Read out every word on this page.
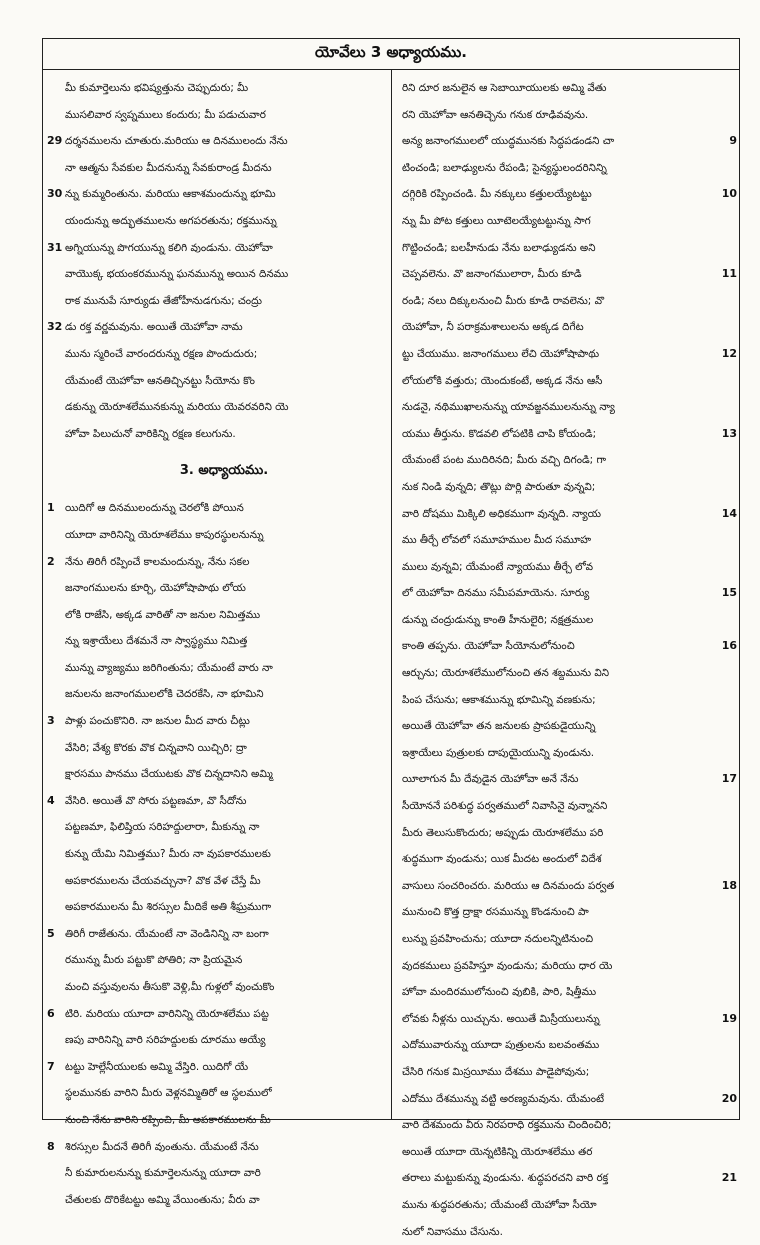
యోవేలు 3 అధ్యాయము.
మీ కుమార్తెలును భవిష్యత్తును చెప్పుదురు; మీ
ముసలివార స్వప్నములు కందురు; మీ పడుచువార
29 దర్శనములను చూతురు.మరియు ఆ దినములందు నేను
నా ఆత్మను సేవకుల మీదనున్ను సేవకురాండ్ర మీదను
30 న్ను కుమ్మరింతును. మరియు ఆకాశమందున్ను భూమి
యందున్ను అద్భుతములను అగపరతును; రక్తమున్ను
31 అగ్నియున్ను పొగయున్ను కలిగి వుండును. యెహోవా
వాయొక్క భయంకరమున్ను ఘనమున్ను అయిన దినము
రాక మునుపే సూర్యుడు తేజోహీనుడగును; చంద్రు
32 డు రక్త వర్ణమవును. అయితే యెహోవా నామ
మును స్మరించే వారందరున్ను రక్షణ పొందుదురు;
యేమంటే యెహోవా ఆనతిచ్చినట్టు సీయోను కొం
డకున్ను యెరూశలేమునకున్ను మరియు యెవరవరిని యె
హోవా పిలుచునో వారికిన్ని రక్షణ కలుగును.
3. అధ్యాయము.
1 యిదిగో ఆ దినములందున్ను చెరలోకి పోయిన
యూదా వారినిన్ని యెరూశలేము కాపురస్థులనున్ను
2 నేను తిరిగీ రప్పించే కాలమందున్ను, నేను సకల
జనాంగములను కూర్చి, యెహోషాపాథు లోయ
లోకి రాజేసి, అక్కడ వారితో నా జనుల నిమిత్తము
న్ను ఇశ్రాయేలు దేశమనే నా స్వాస్థ్యము నిమిత్త
మున్ను వ్యాజ్యము జరిగింతును; యేమంటే వారు నా
జనులను జనాంగములలోకి చెదరకేసి, నా భూమిని
3 పాళ్లు పంచుకొనిరి. నా జనుల మీద వారు చీట్లు
వేసిరి; వేశ్య కొరకు వొక చిన్నవాని యిచ్చిరి; ద్రా
క్షారసము పానము చేయుటకు వొక చిన్నదానిని అమ్మి
4 వేసిరి. అయితే వొ సోరు పట్టణమా, వొ సీదోను
పట్టణమా, ఫిలిష్తియ సరిహద్దులారా, మీకున్ను నా
కున్ను యేమి నిమిత్తము? మీరు నా వుపకారములకు
అపకారములను చేయవచ్చునా? వొక వేళ చేస్తే మీ
అపకారములను మీ శిరస్సుల మీదికే అతి శీఘ్రముగా
5 తిరిగీ రాజేతును. యేమంటే నా వెండినిన్ని నా బంగా
రమున్ను మీరు పట్టుకొ పోతిరి; నా ప్రియమైన
మంచి వస్తువులను తీసుకొ వెళ్లి,మీ గుళ్లలో వుంచుకొం
6 టిరి. మరియు యూదా వారినిన్ని యెరూశలేము పట్ట
ణపు వారినిన్ని వారి సరిహద్దులకు దూరము అయ్యే
7 టట్టు హెల్లేనీయులకు అమ్మి వేస్తిరి. యిదిగో యే
స్థలమునకు వారిని మీరు వెళ్లనమ్మితిరో ఆ స్థలములో
నుంచి నేను వారిని రప్పించి, మీ అపకారములను మీ
8 శిరస్సుల మీదనే తిరిగీ వుంతును. యేమంటే నేను
నీ కుమారులనున్ను కుమార్తెలనున్ను యూదా వారి
చేతులకు దొరికేటట్టు అమ్మి వేయింతును; వీరు వా
రిని దూర జనులైన ఆ సెబాయీయులకు అమ్మి వేతు
రని యెహోవా ఆనతిచ్చెను గనుక రూఢివవును.
9
అన్య జనాంగములలో యుద్ధమునకు సిద్ధపడండని చా
టించండి; బలాఢ్యులను రేపండి; సైన్యస్థులందరినిన్ని
10
దగ్గిరికి రప్పించండి. మీ నక్కులు కత్తులయ్యేటట్టు
న్ను మీ పోట కత్తులు యీటెలయ్యేటట్టున్ను సాగ
గొట్టించండి; బలహీనుడు నేను బలాఢ్యుడను అని
11
చెప్పవలెను. వొ జనాంగములారా, మీరు కూడి
రండి; నలు దిక్కులనుంచి మీరు కూడి రావలెను; వొ
యెహోవా, నీ పరాక్రమశాలులను అక్కడ దిగేట
12
ట్టు చేయుము. జనాంగములు లేచి యెహోషాపాథు
లోయలోకి వత్తురు; యెందుకంటే, అక్కడ నేను ఆసీ
నుడనై, నథిముఖాలనున్ను యావజ్జనములనున్ను న్యా
13
యము తీర్తును. కొడవలి లోపటికి చాపి కోయండి;
యేమంటే పంట ముదిరినది; మీరు వచ్చి దిగండి; గా
నుక నిండి వున్నది; తొట్లు పొర్లి పారుతూ వున్నవి;
14
వారి దోషము మిక్కిలి అధికముగా వున్నది. న్యాయ
ము తీర్చే లోవలో సమూహముల మీద సమూహ
ములు వున్నవి; యేమంటే న్యాయము తీర్చే లోవ
15
లో యెహోవా దినము సమీపమాయెను. సూర్యు
డున్ను చంద్రుడున్ను కాంతి హీనులైరి; నక్షత్రముల
16
కాంతి తప్పను. యెహోవా సీయోనులోనుంచి
ఆర్చును; యెరూశలేములోనుంచి తన శబ్దమును విని
పింప చేసును; ఆకాశమున్ను భూమిన్ని వణకును;
అయితే యెహోవా తన జనులకు ప్రాపకుడైయున్ని
ఇశ్రాయేలు పుత్రులకు దాపుయైయున్ని వుండును.
17
యీలాగున మీ దేవుడైన యెహోవా అనే నేను
సీయోననే పరిశుద్ధ పర్వతములో నివాసినై వున్నానని
మీరు తెలుసుకొందురు; అప్పుడు యెరూశలేము పరి
శుద్ధముగా వుండును; యిక మీదట అందులో విదేశ
18
వాసులు సంచరించరు. మరియు ఆ దినమందు పర్వత
మునుంచి కొత్త ద్రాక్షా రసమున్ను కొండనుంచి పా
లున్ను ప్రవహించును; యూదా నదులన్నిటినుంచి
వుదకములు ప్రవహిస్తూ వుండును; మరియు ధార యె
హోవా మందిరములోనుంచి వుబికి, పారి, షిత్తీము
19
లోవకు నీళ్లను యిచ్చును. అయితే మిస్రీయులున్ను
ఎదోమువారున్ను యూదా పుత్రులను బలవంతము
చేసిరి గనుక మిస్రయీము దేశము పాడైపోవును;
20
ఎదోము దేశమున్ను వట్టి అరణ్యమవును. యేమంటే
వారి దేశమందు వీరు నిరపరాధి రక్తమును చిందించిరి;
అయితే యూదా యెన్నటికిన్ని యెరూశలేము తర
21
తరాలు మట్టుకున్ను వుండును. శుద్ధపరచని వారి రక్త
మును శుద్ధపరతును; యేమంటే యెహోవా సీయో
నులో నివాసము చేసును.
